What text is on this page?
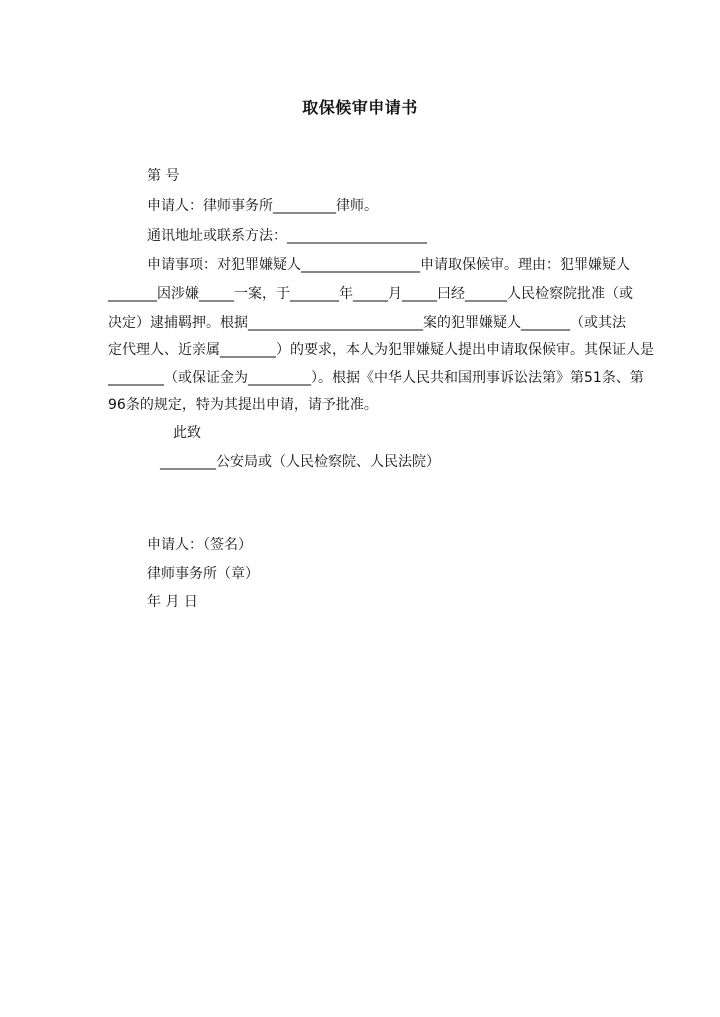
取保候审申请书
第 号
申请人：律师事务所_________律师。
通讯地址或联系方法：____________________
申请事项：对犯罪嫌疑人_________________申请取保候审。理由：犯罪嫌疑人
_______因涉嫌_____一案，于_______年_____月_____曰经______人民检察院批准（或
决定）逮捕羁押。根据_________________________案的犯罪嫌疑人_______（或其法
定代理人、近亲属________）的要求，本人为犯罪嫌疑人提出申请取保候审。其保证人是
________（或保证金为_________）。根据《中华人民共和国刑事诉讼法第》第51条、第
96条的规定，特为其提出申请，请予批准。
此致
________公安局或（人民检察院、人民法院）
申请人：（签名）
律师事务所（章）
年 月 日
